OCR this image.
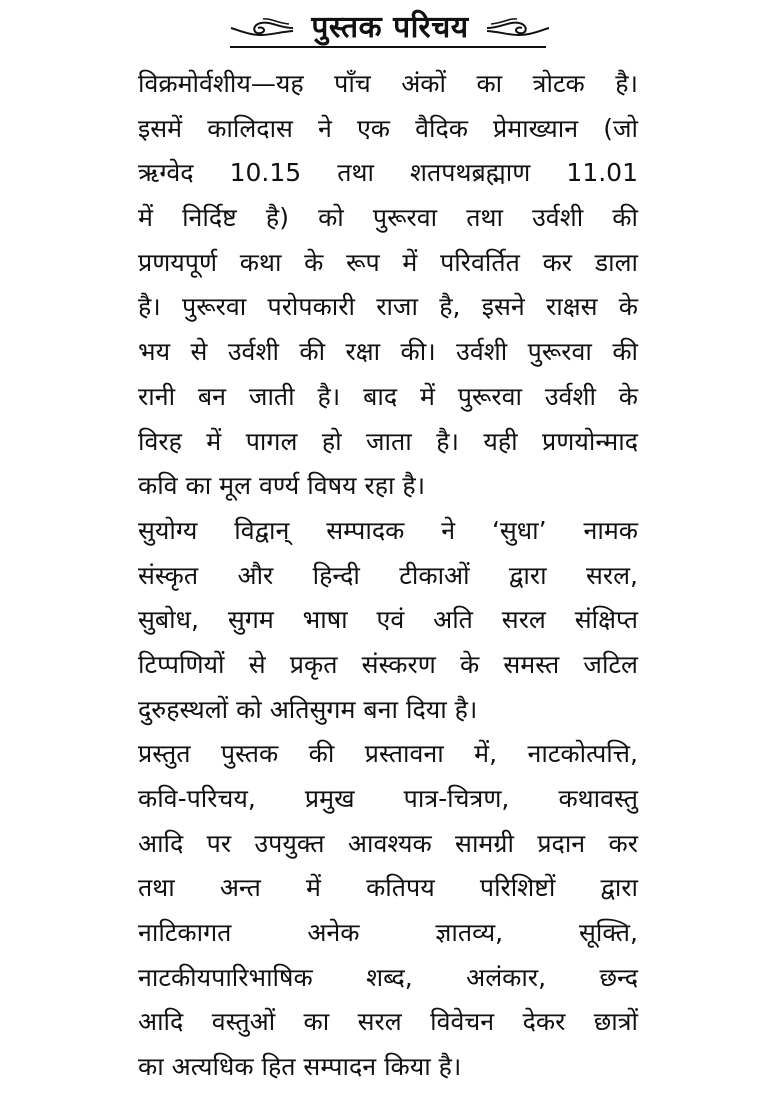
पुस्तक परिचय
विक्रमोर्वशीय—यह पाँच अंकों का त्रोटक है।
इसमें कालिदास ने एक वैदिक प्रेमाख्यान (जो
ऋग्वेद 10.15 तथा शतपथब्रह्माण 11.01
में निर्दिष्ट है) को पुरूरवा तथा उर्वशी की
प्रणयपूर्ण कथा के रूप में परिवर्तित कर डाला
है। पुरूरवा परोपकारी राजा है, इसने राक्षस के
भय से उर्वशी की रक्षा की। उर्वशी पुरूरवा की
रानी बन जाती है। बाद में पुरूरवा उर्वशी के
विरह में पागल हो जाता है। यही प्रणयोन्माद
कवि का मूल वर्ण्य विषय रहा है।
सुयोग्य विद्वान् सम्पादक ने ‘सुधा’ नामक
संस्कृत और हिन्दी टीकाओं द्वारा सरल,
सुबोध, सुगम भाषा एवं अति सरल संक्षिप्त
टिप्पणियों से प्रकृत संस्करण के समस्त जटिल
दुरुहस्थलों को अतिसुगम बना दिया है।
प्रस्तुत पुस्तक की प्रस्तावना में, नाटकोत्पत्ति,
कवि-परिचय, प्रमुख पात्र-चित्रण, कथावस्तु
आदि पर उपयुक्त आवश्यक सामग्री प्रदान कर
तथा अन्त में कतिपय परिशिष्टों द्वारा
नाटिकागत अनेक ज्ञातव्य, सूक्ति,
नाटकीयपारिभाषिक शब्द, अलंकार, छन्द
आदि वस्तुओं का सरल विवेचन देकर छात्रों
का अत्यधिक हित सम्पादन किया है।
